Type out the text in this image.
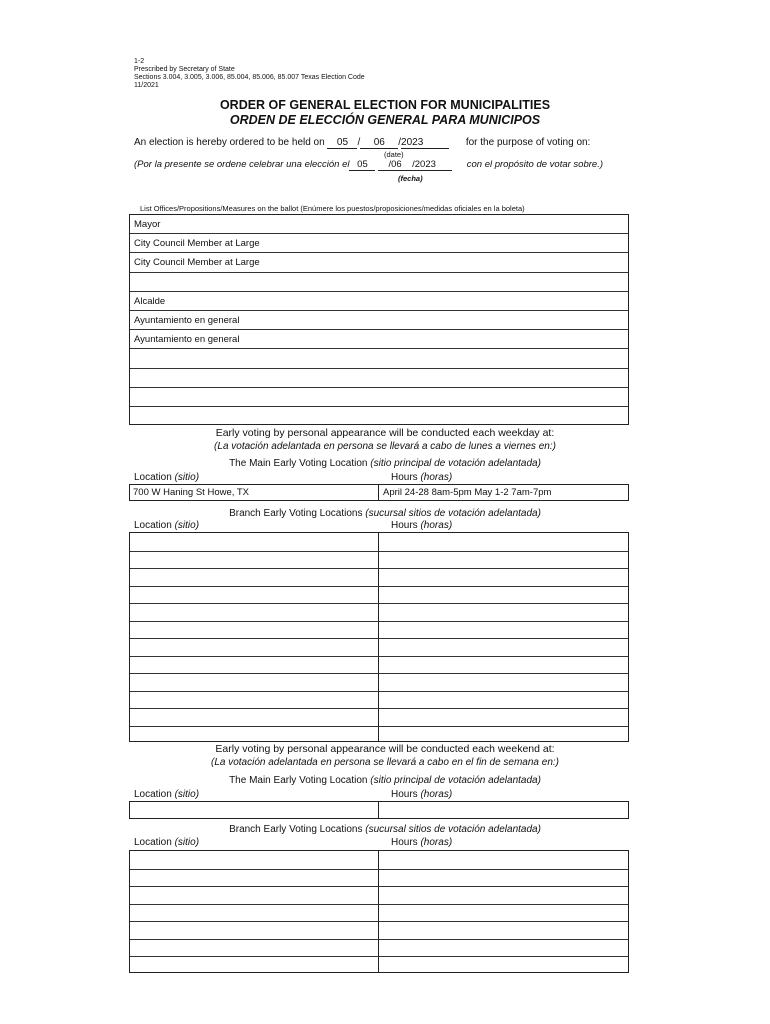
1-2
Prescribed by Secretary of State
Sections 3.004, 3.005, 3.006, 85.004, 85.006, 85.007 Texas Election Code
11/2021
ORDER OF GENERAL ELECTION FOR MUNICIPALITIES
ORDEN DE ELECCIÓN GENERAL PARA MUNICIPOS
An election is hereby ordered to be held on 05 / 06 /2023	for the purpose of voting on:
(date)
(Por la presente se ordene celebrar una elección el 05 /06 /2023	con el propósito de votar sobre.)
(fecha)
List Offices/Propositions/Measures on the ballot (Enúmere los puestos/proposiciones/medidas oficiales en la boleta)
Mayor
City Council Member at Large
City Council Member at Large
Alcalde
Ayuntamiento en general
Ayuntamiento en general
Early voting by personal appearance will be conducted each weekday at:
(La votación adelantada en persona se llevará a cabo de lunes a viernes en:)
The Main Early Voting Location (sitio principal de votación adelantada)
Location (sitio)	Hours (horas)
700 W Haning St Howe, TX	April 24-28 8am-5pm May 1-2 7am-7pm
Branch Early Voting Locations (sucursal sitios de votación adelantada)
Location (sitio)	Hours (horas)
Early voting by personal appearance will be conducted each weekend at:
(La votación adelantada en persona se llevará a cabo en el fin de semana en:)
The Main Early Voting Location (sitio principal de votación adelantada)
Location (sitio)	Hours (horas)
Branch Early Voting Locations (sucursal sitios de votación adelantada)
Location (sitio)	Hours (horas)
